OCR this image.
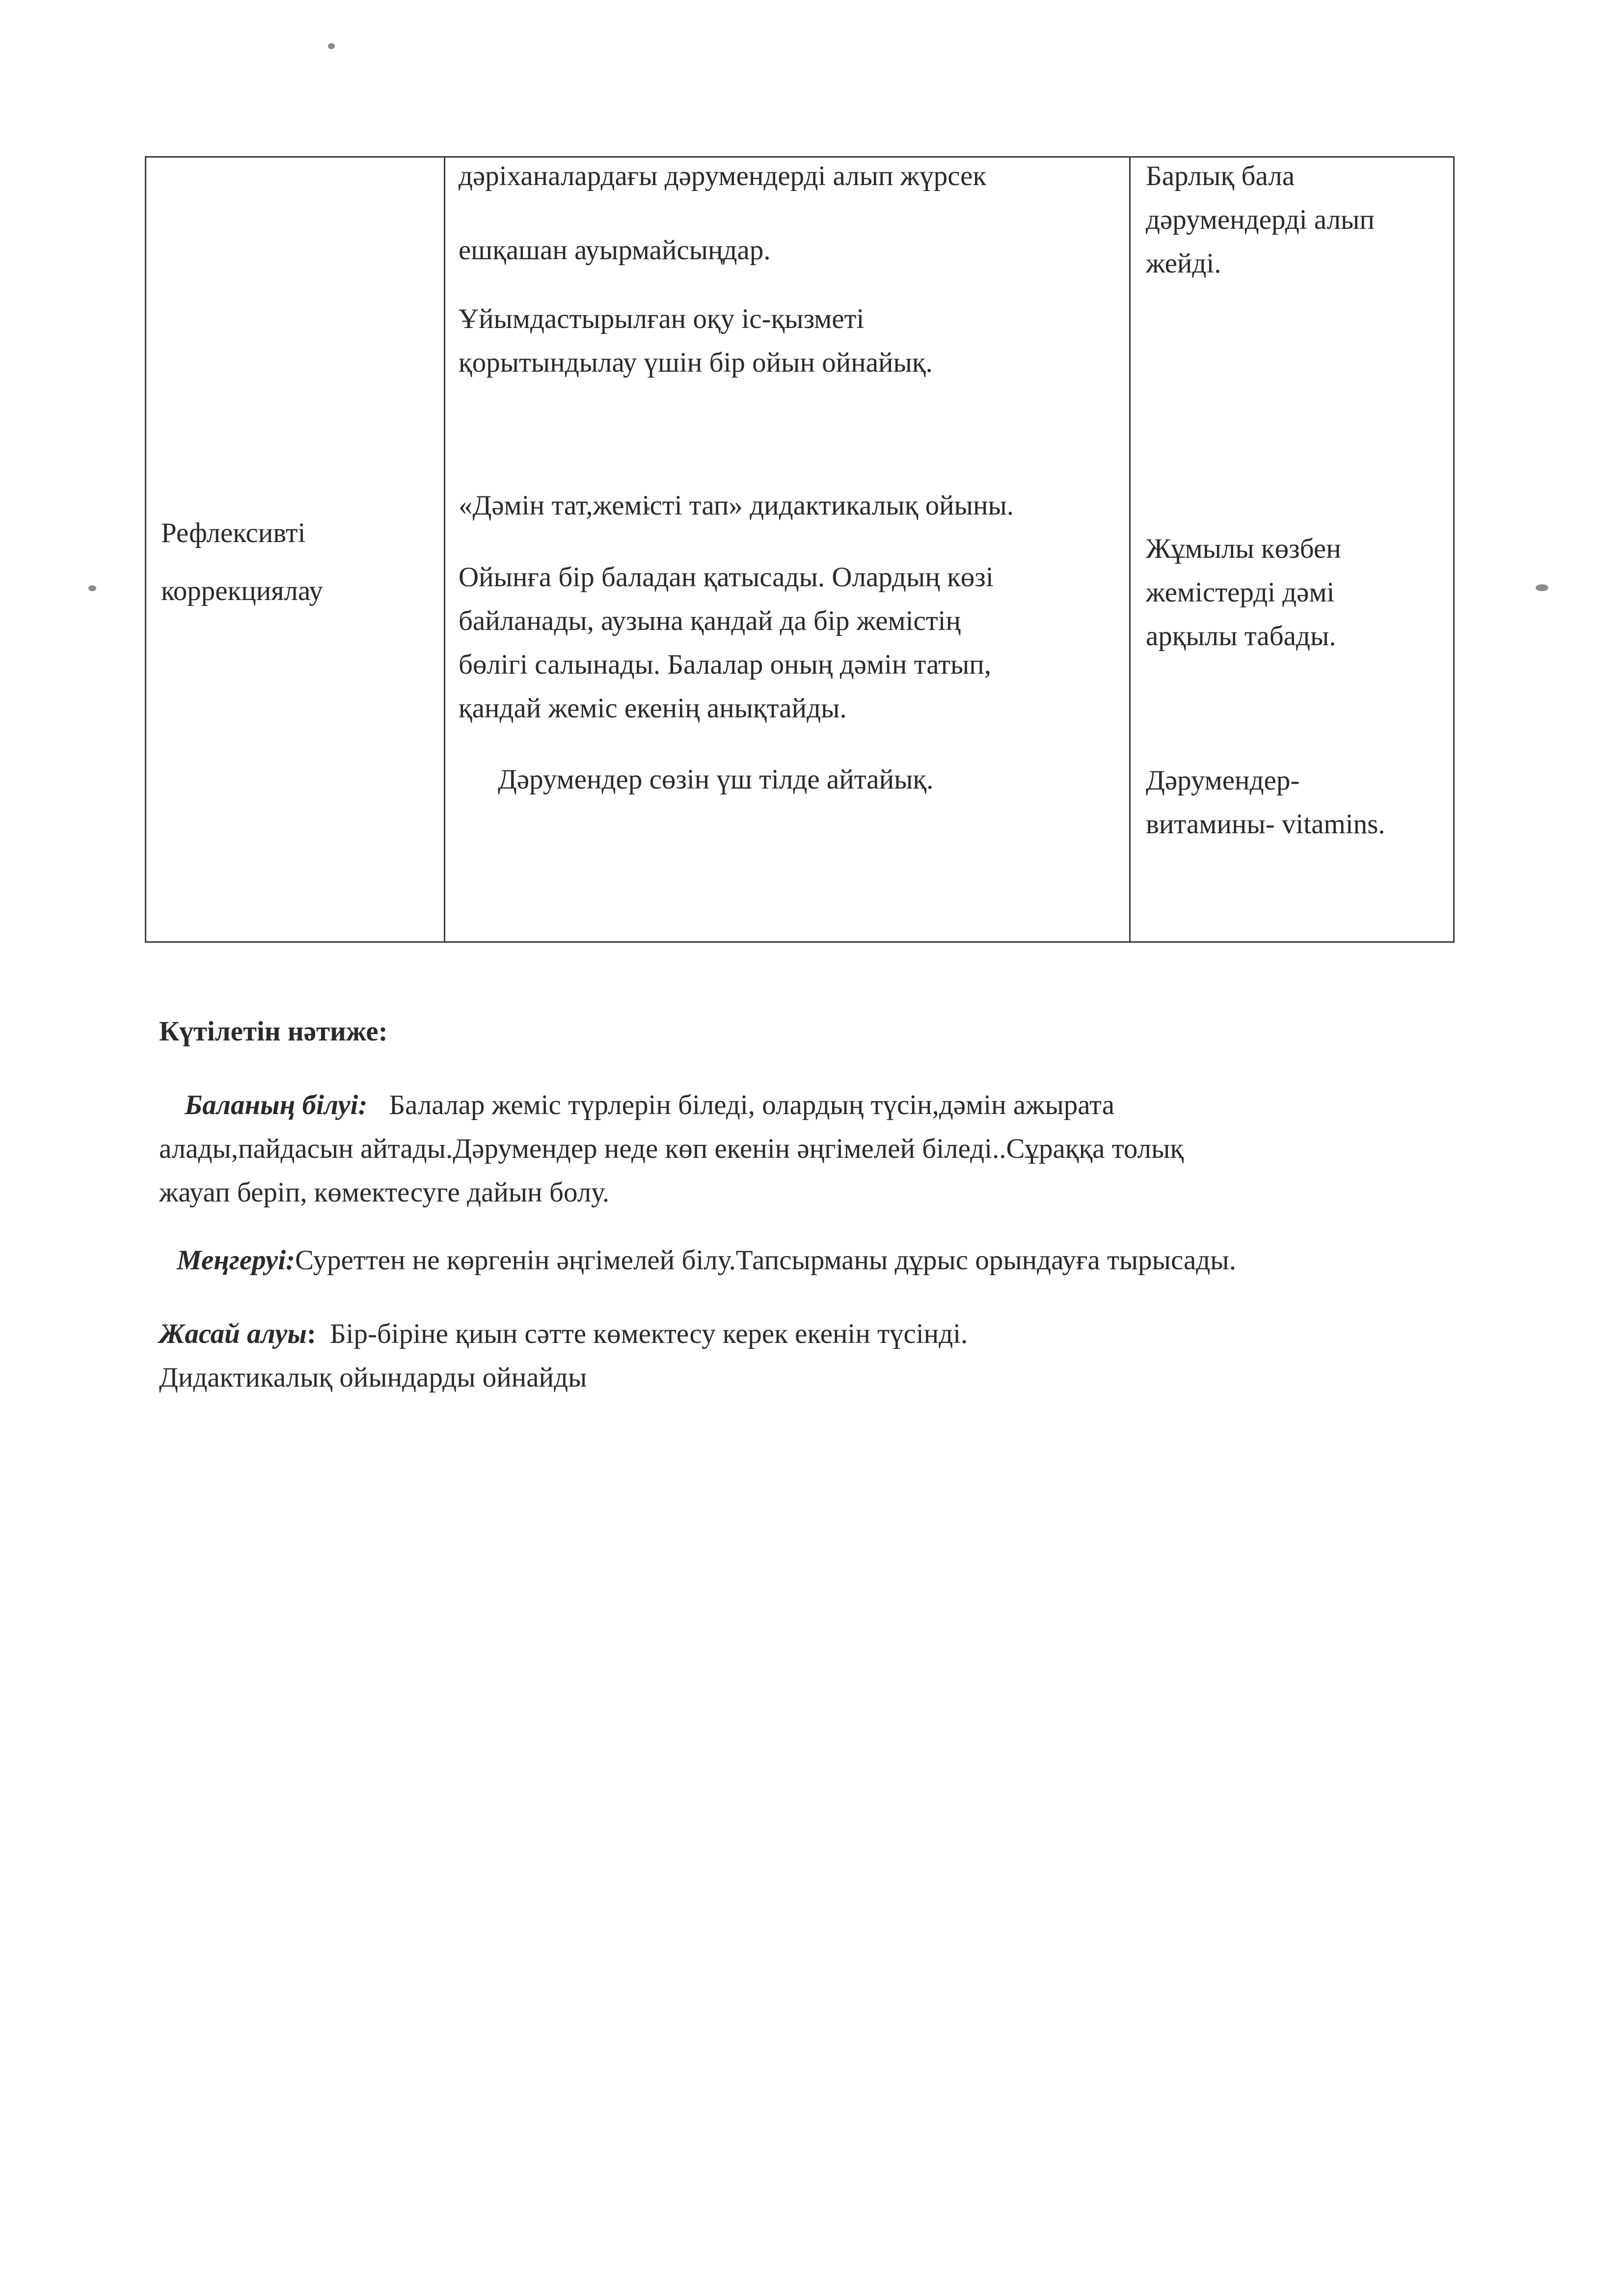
Рефлексивті
коррекциялау
дәріханалардағы дәрумендерді алып жүрсек
ешқашан ауырмайсыңдар.
Ұйымдастырылған оқу іс-қызметі
қорытындылау үшін бір ойын ойнайық.
«Дәмін тат,жемісті тап» дидактикалық ойыны.
Ойынға бір баладан қатысады. Олардың көзі
байланады, аузына қандай да бір жемістің
бөлігі салынады. Балалар оның дәмін татып,
қандай жеміс екенің анықтайды.
Дәрумендер сөзін үш тілде айтайық.
Барлық бала
дәрумендерді алып
жейді.
Жұмылы көзбен
жемістерді дәмі
арқылы табады.
Дәрумендер-
витамины- vitamins.
Күтілетін нәтиже:
Баланың білуі: Балалар жеміс түрлерін біледі, олардың түсін,дәмін ажырата
алады,пайдасын айтады.Дәрумендер неде көп екенін әңгімелей біледі..Сұраққа толық
жауап беріп, көмектесуге дайын болу.
Меңгеруі:Суреттен не көргенін әңгімелей білу.Тапсырманы дұрыс орындауға тырысады.
Жасай алуы: Бір-біріне қиын сәтте көмектесу керек екенін түсінді.
Дидактикалық ойындарды ойнайды
